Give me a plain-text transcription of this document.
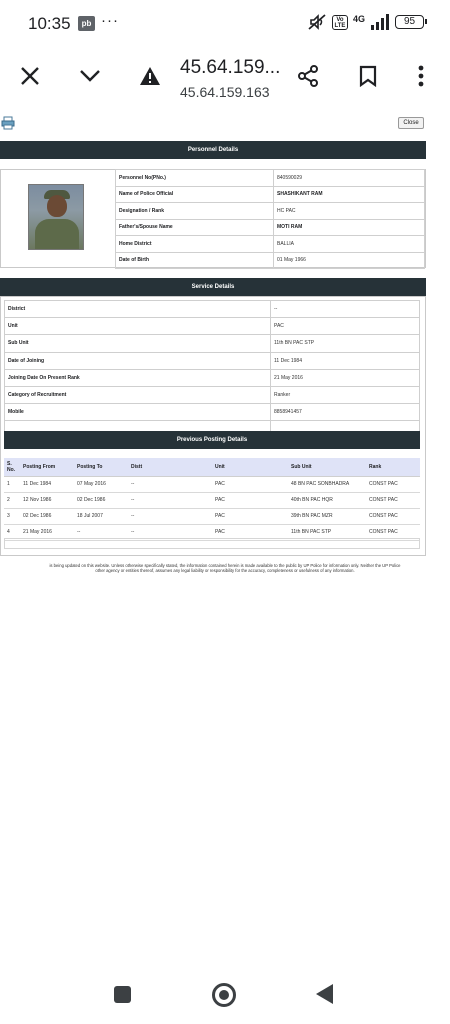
10:35	pb ···	Vo LTE
4G	95
45.64.159...
45.64.159.163
Close
Personnel Details
Personnel No(PNo.)	840590029
Name of Police Official	SHASHIKANT RAM
Designation / Rank	HC PAC
Father's/Spouse Name	MOTI RAM
Home District	BALLIA
Date of Birth	01 May 1966
Service Details
District	--
Unit	PAC
Sub Unit	11th BN PAC STP
Date of Joining	11 Dec 1984
Joining Date On Present Rank	21 May 2016
Category of Recruitment	Ranker
Mobile	8858941457

Previous Posting Details
S. No.	Posting From	Posting To	Distt	Unit	Sub Unit	Rank
1	11 Dec 1984	07 May 2016	--	PAC	48 BN PAC SONBHADRA	CONST PAC
2	12 Nov 1986	02 Dec 1986	--	PAC	40th BN PAC HQR	CONST PAC
3	02 Dec 1986	18 Jul 2007	--	PAC	39th BN PAC MZR	CONST PAC
4	21 May 2016	--	--	PAC	11th BN PAC STP	CONST PAC
is being updated on this website. Unless otherwise specifically stated, the information contained herein is made available to the public by UP Police for information only. Neither the UP Police
other agency or entities thereof, assumes any legal liability or responsibility for the accuracy, completeness or usefulness of any information.
